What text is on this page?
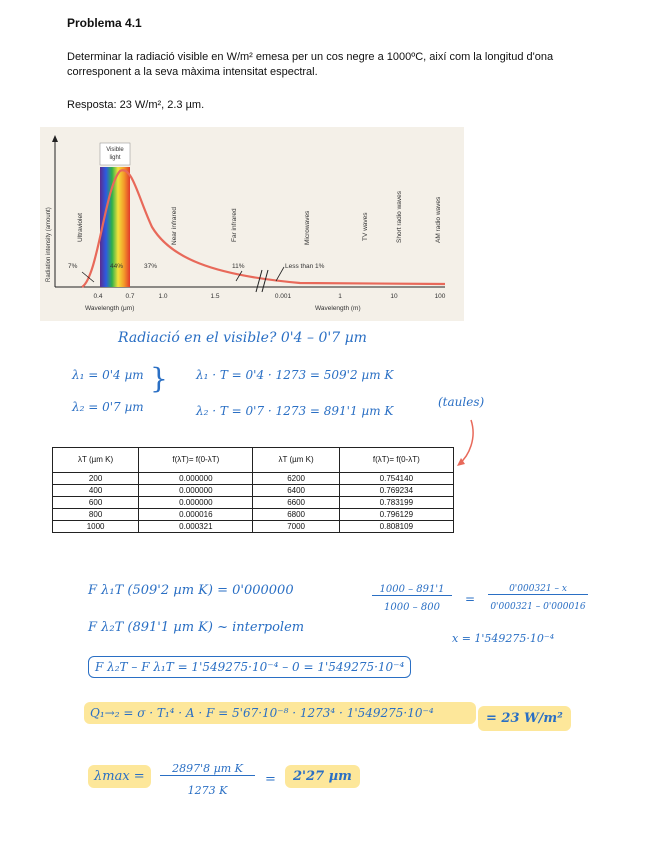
Problema 4.1
Determinar la radiació visible en W/m² emesa per un cos negre a 1000ºC, així com la longitud d'ona corresponent a la seva màxima intensitat espectral.
Resposta: 23 W/m², 2.3 µm.
Radiation intensity (amount)
Visible
light
Ultraviolet	Near infrared	Far infrared	Microwaves	TV waves	Short radio waves	AM radio waves
7%	44%	37%	11%	Less than 1%
0.4	0.7	1.0	1.5	0.001	1	10	100
Wavelength (μm)	Wavelength (m)
Radiació en el visible? 0'4 – 0'7 µm
λ₁ = 0'4 µm
λ₂ = 0'7 µm
} λ₁ · T = 0'4 · 1273 = 509'2 µm K
λ₂ · T = 0'7 · 1273 = 891'1 µm K
(taules)
λT (µm K)	f(λT)= f(0-λT)	λT (µm K)	f(λT)= f(0-λT)
200	0.000000	6200	0.754140
400	0.000000	6400	0.769234
600	0.000000	6600	0.783199
800	0.000016	6800	0.796129
1000	0.000321	7000	0.808109
F λ₁T (509'2 µm K) = 0'000000
F λ₂T (891'1 µm K) ~ interpolem
1000 – 891'1
1000 – 800
=
0'000321 – x
0'000321 – 0'000016
x = 1'549275·10⁻⁴
F λ₂T – F λ₁T = 1'549275·10⁻⁴ – 0 = 1'549275·10⁻⁴
Q₁→₂ = σ · T₁⁴ · A · F = 5'67·10⁻⁸ · 1273⁴ · 1'549275·10⁻⁴	= 23 W/m²
λmax =
2897'8 µm K
1273 K
=	2'27 µm
